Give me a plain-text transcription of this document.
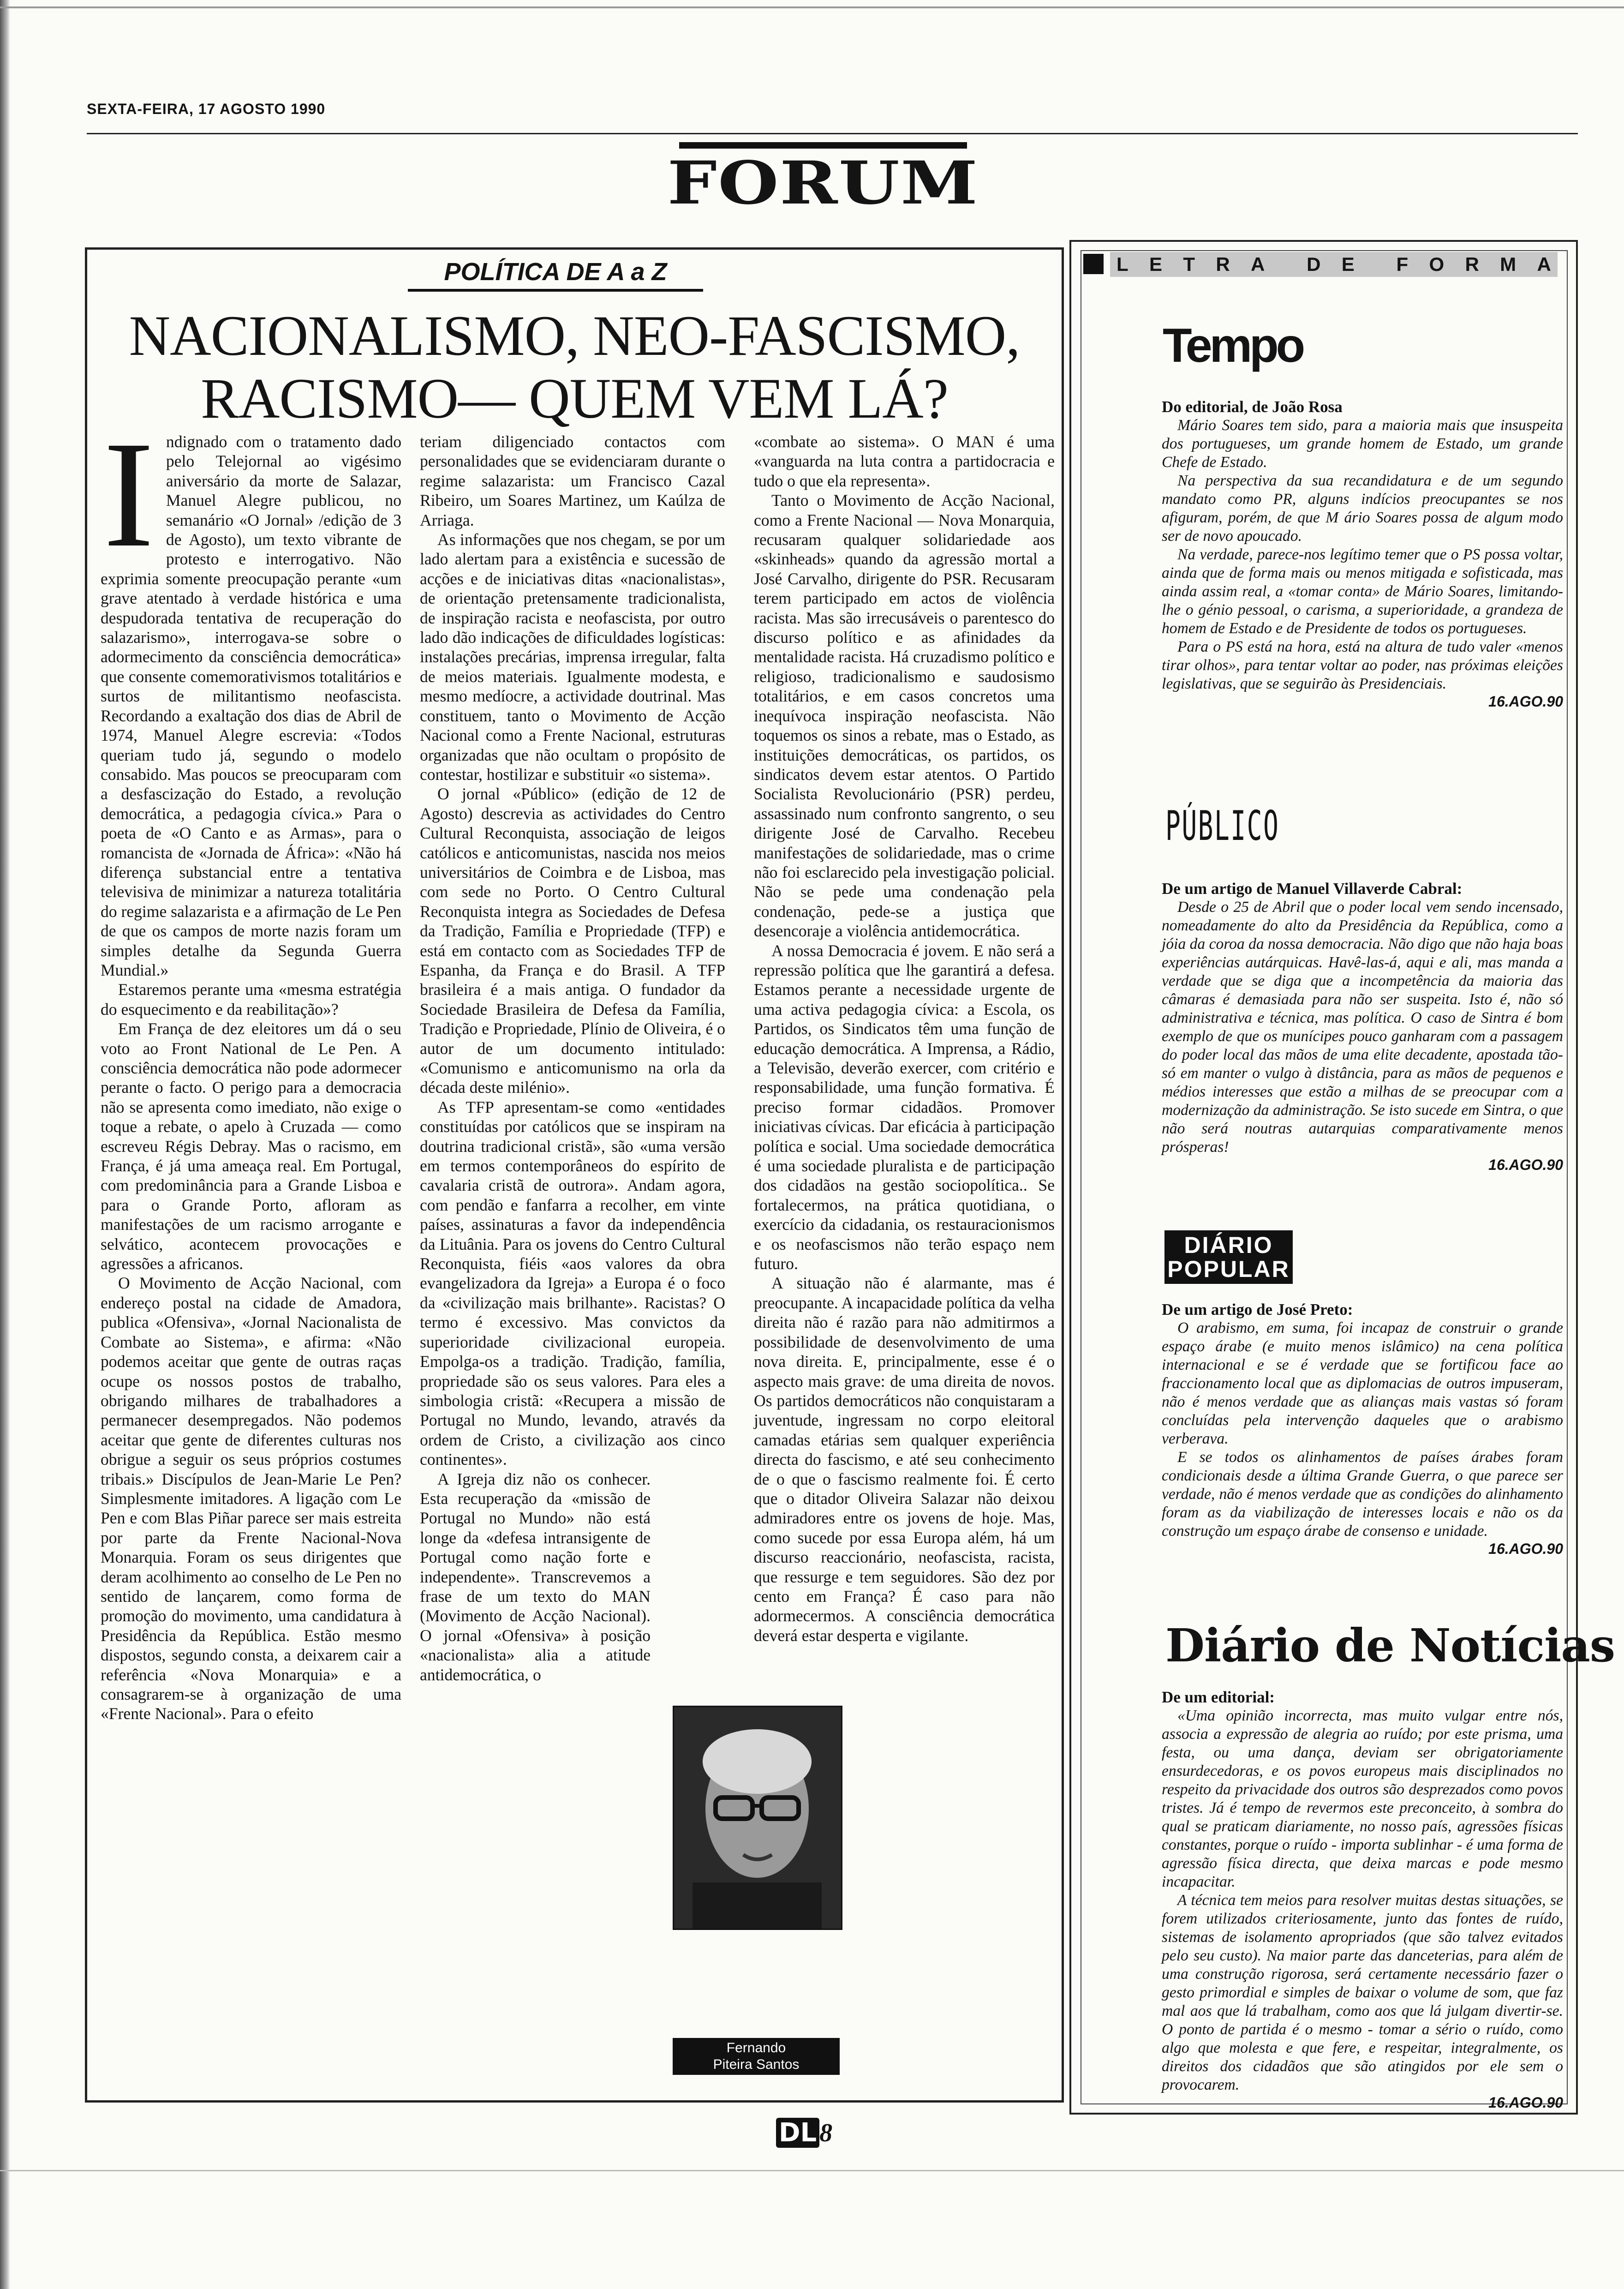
SEXTA-FEIRA, 17 AGOSTO 1990
FORUM
POLÍTICA DE A a Z
NACIONALISMO, NEO-FASCISMO,
RACISMO— QUEM VEM LÁ?

Indignado com o tratamento dado pelo Telejornal ao vigésimo aniversário da morte de Salazar, Manuel Alegre publicou, no semanário «O Jornal» /edição de 3 de Agosto), um texto vibrante de protesto e interrogativo. Não exprimia somente preocupação perante «um grave atentado à verdade histórica e uma despudorada tentativa de recuperação do salazarismo», interrogava-se sobre o adormecimento da consciência democrática» que consente comemorativismos totalitários e surtos de militantismo neofascista. Recordando a exaltação dos dias de Abril de 1974, Manuel Alegre escrevia: «Todos queriam tudo já, segundo o modelo consabido. Mas poucos se preocuparam com a desfascização do Estado, a revolução democrática, a pedagogia cívica.» Para o poeta de «O Canto e as Armas», para o romancista de «Jornada de África»: «Não há diferença substancial entre a tentativa televisiva de minimizar a natureza totalitária do regime salazarista e a afirmação de Le Pen de que os campos de morte nazis foram um simples detalhe da Segunda Guerra Mundial.»

Estaremos perante uma «mesma estratégia do esquecimento e da reabilitação»?

Em França de dez eleitores um dá o seu voto ao Front National de Le Pen. A consciência democrática não pode adormecer perante o facto. O perigo para a democracia não se apresenta como imediato, não exige o toque a rebate, o apelo à Cruzada — como escreveu Régis Debray. Mas o racismo, em França, é já uma ameaça real. Em Portugal, com predominância para a Grande Lisboa e para o Grande Porto, afloram as manifestações de um racismo arrogante e selvático, acontecem provocações e agressões a africanos.

O Movimento de Acção Nacional, com endereço postal na cidade de Amadora, publica «Ofensiva», «Jornal Nacionalista de Combate ao Sistema», e afirma: «Não podemos aceitar que gente de outras raças ocupe os nossos postos de trabalho, obrigando milhares de trabalhadores a permanecer desempregados. Não podemos aceitar que gente de diferentes culturas nos obrigue a seguir os seus próprios costumes tribais.» Discípulos de Jean-Marie Le Pen? Simplesmente imitadores. A ligação com Le Pen e com Blas Piñar parece ser mais estreita por parte da Frente Nacional-Nova Monarquia. Foram os seus dirigentes que deram acolhimento ao conselho de Le Pen no sentido de lançarem, como forma de promoção do movimento, uma candidatura à Presidência da República. Estão mesmo dispostos, segundo consta, a deixarem cair a referência «Nova Monarquia» e a consagrarem-se à organização de uma «Frente Nacional». Para o efeito

teriam diligenciado contactos com personalidades que se evidenciaram durante o regime salazarista: um Francisco Cazal Ribeiro, um Soares Martinez, um Kaúlza de Arriaga.

As informações que nos chegam, se por um lado alertam para a existência e sucessão de acções e de iniciativas ditas «nacionalistas», de orientação pretensamente tradicionalista, de inspiração racista e neofascista, por outro lado dão indicações de dificuldades logísticas: instalações precárias, imprensa irregular, falta de meios materiais. Igualmente modesta, e mesmo medíocre, a actividade doutrinal. Mas constituem, tanto o Movimento de Acção Nacional como a Frente Nacional, estruturas organizadas que não ocultam o propósito de contestar, hostilizar e substituir «o sistema».

O jornal «Público» (edição de 12 de Agosto) descrevia as actividades do Centro Cultural Reconquista, associação de leigos católicos e anticomunistas, nascida nos meios universitários de Coimbra e de Lisboa, mas com sede no Porto. O Centro Cultural Reconquista integra as Sociedades de Defesa da Tradição, Família e Propriedade (TFP) e está em contacto com as Sociedades TFP de Espanha, da França e do Brasil. A TFP brasileira é a mais antiga. O fundador da Sociedade Brasileira de Defesa da Família, Tradição e Propriedade, Plínio de Oliveira, é o autor de um documento intitulado: «Comunismo e anticomunismo na orla da década deste milénio».

As TFP apresentam-se como «entidades constituídas por católicos que se inspiram na doutrina tradicional cristã», são «uma versão em termos contemporâneos do espírito de cavalaria cristã de outrora». Andam agora, com pendão e fanfarra a recolher, em vinte países, assinaturas a favor da independência da Lituânia. Para os jovens do Centro Cultural Reconquista, fiéis «aos valores da obra evangelizadora da Igreja» a Europa é o foco da «civilização mais brilhante». Racistas? O termo é excessivo. Mas convictos da superioridade civilizacional europeia. Empolga-os a tradição. Tradição, família, propriedade são os seus valores. Para eles a simbologia cristã: «Recupera a missão de Portugal no Mundo, levando, através da ordem de Cristo, a civilização aos cinco continentes».

A Igreja diz não os conhecer. Esta recuperação da «missão de Portugal no Mundo» não está longe da «defesa intransigente de Portugal como nação forte e independente». Transcrevemos a frase de um texto do MAN (Movimento de Acção Nacional). O jornal «Ofensiva» à posição «nacionalista» alia a atitude antidemocrática, o

«combate ao sistema». O MAN é uma «vanguarda na luta contra a partidocracia e tudo o que ela representa».

Tanto o Movimento de Acção Nacional, como a Frente Nacional — Nova Monarquia, recusaram qualquer solidariedade aos «skinheads» quando da agressão mortal a José Carvalho, dirigente do PSR. Recusaram terem participado em actos de violência racista. Mas são irrecusáveis o parentesco do discurso político e as afinidades da mentalidade racista. Há cruzadismo político e religioso, tradicionalismo e saudosismo totalitários, e em casos concretos uma inequívoca inspiração neofascista. Não toquemos os sinos a rebate, mas o Estado, as instituições democráticas, os partidos, os sindicatos devem estar atentos. O Partido Socialista Revolucionário (PSR) perdeu, assassinado num confronto sangrento, o seu dirigente José de Carvalho. Recebeu manifestações de solidariedade, mas o crime não foi esclarecido pela investigação policial. Não se pede uma condenação pela condenação, pede-se a justiça que desencoraje a violência antidemocrática.

A nossa Democracia é jovem. E não será a repressão política que lhe garantirá a defesa. Estamos perante a necessidade urgente de uma activa pedagogia cívica: a Escola, os Partidos, os Sindicatos têm uma função de educação democrática. A Imprensa, a Rádio, a Televisão, deverão exercer, com critério e responsabilidade, uma função formativa. É preciso formar cidadãos. Promover iniciativas cívicas. Dar eficácia à participação política e social. Uma sociedade democrática é uma sociedade pluralista e de participação dos cidadãos na gestão sociopolítica.. Se fortalecermos, na prática quotidiana, o exercício da cidadania, os restauracionismos e os neofascismos não terão espaço nem futuro.

A situação não é alarmante, mas é preocupante. A incapacidade política da velha direita não é razão para não admitirmos a possibilidade de desenvolvimento de uma nova direita. E, principalmente, esse é o aspecto mais grave: de uma direita de novos. Os partidos democráticos não conquistaram a juventude, ingressam no corpo eleitoral camadas etárias sem qualquer experiência directa do fascismo, e até seu conhecimento de o que o fascismo realmente foi. É certo que o ditador Oliveira Salazar não deixou admiradores entre os jovens de hoje. Mas, como sucede por essa Europa além, há um discurso reaccionário, neofascista, racista, que ressurge e tem seguidores. São dez por cento em França? É caso para não adormecermos. A consciência democrática deverá estar desperta e vigilante.

Fernando
Piteira Santos
L E T R A D E F O R M A
Tempo
Do editorial, de João Rosa

Mário Soares tem sido, para a maioria mais que insuspeita dos portugueses, um grande homem de Estado, um grande Chefe de Estado.

Na perspectiva da sua recandidatura e de um segundo mandato como PR, alguns indícios preocupantes se nos afiguram, porém, de que M ário Soares possa de algum modo ser de novo apoucado.

Na verdade, parece-nos legítimo temer que o PS possa voltar, ainda que de forma mais ou menos mitigada e sofisticada, mas ainda assim real, a «tomar conta» de Mário Soares, limitando-lhe o génio pessoal, o carisma, a superioridade, a grandeza de homem de Estado e de Presidente de todos os portugueses.

Para o PS está na hora, está na altura de tudo valer «menos tirar olhos», para tentar voltar ao poder, nas próximas eleições legislativas, que se seguirão às Presidenciais.

16.AGO.90
PÚBLICO
De um artigo de Manuel Villaverde Cabral:

Desde o 25 de Abril que o poder local vem sendo incensado, nomeadamente do alto da Presidência da República, como a jóia da coroa da nossa democracia. Não digo que não haja boas experiências autárquicas. Havê-las-á, aqui e ali, mas manda a verdade que se diga que a incompetência da maioria das câmaras é demasiada para não ser suspeita. Isto é, não só administrativa e técnica, mas política. O caso de Sintra é bom exemplo de que os munícipes pouco ganharam com a passagem do poder local das mãos de uma elite decadente, apostada tão-só em manter o vulgo à distância, para as mãos de pequenos e médios interesses que estão a milhas de se preocupar com a modernização da administração. Se isto sucede em Sintra, o que não será noutras autarquias comparativamente menos prósperas!

16.AGO.90
DIÁRIO POPULAR
De um artigo de José Preto:

O arabismo, em suma, foi incapaz de construir o grande espaço árabe (e muito menos islâmico) na cena política internacional e se é verdade que se fortificou face ao fraccionamento local que as diplomacias de outros impuseram, não é menos verdade que as alianças mais vastas só foram concluídas pela intervenção daqueles que o arabismo verberava.

E se todos os alinhamentos de países árabes foram condicionais desde a última Grande Guerra, o que parece ser verdade, não é menos verdade que as condições do alinhamento foram as da viabilização de interesses locais e não os da construção um espaço árabe de consenso e unidade.

16.AGO.90
Diário de Notícias
De um editorial:

«Uma opinião incorrecta, mas muito vulgar entre nós, associa a expressão de alegria ao ruído; por este prisma, uma festa, ou uma dança, deviam ser obrigatoriamente ensurdecedoras, e os povos europeus mais disciplinados no respeito da privacidade dos outros são desprezados como povos tristes. Já é tempo de revermos este preconceito, à sombra do qual se praticam diariamente, no nosso país, agressões físicas constantes, porque o ruído - importa sublinhar - é uma forma de agressão física directa, que deixa marcas e pode mesmo incapacitar.

A técnica tem meios para resolver muitas destas situações, se forem utilizados criteriosamente, junto das fontes de ruído, sistemas de isolamento apropriados (que são talvez evitados pelo seu custo). Na maior parte das danceterias, para além de uma construção rigorosa, será certamente necessário fazer o gesto primordial e simples de baixar o volume de som, que faz mal aos que lá trabalham, como aos que lá julgam divertir-se. O ponto de partida é o mesmo - tomar a sério o ruído, como algo que molesta e que fere, e respeitar, integralmente, os direitos dos cidadãos que são atingidos por ele sem o provocarem.

16.AGO.90
DL 8
